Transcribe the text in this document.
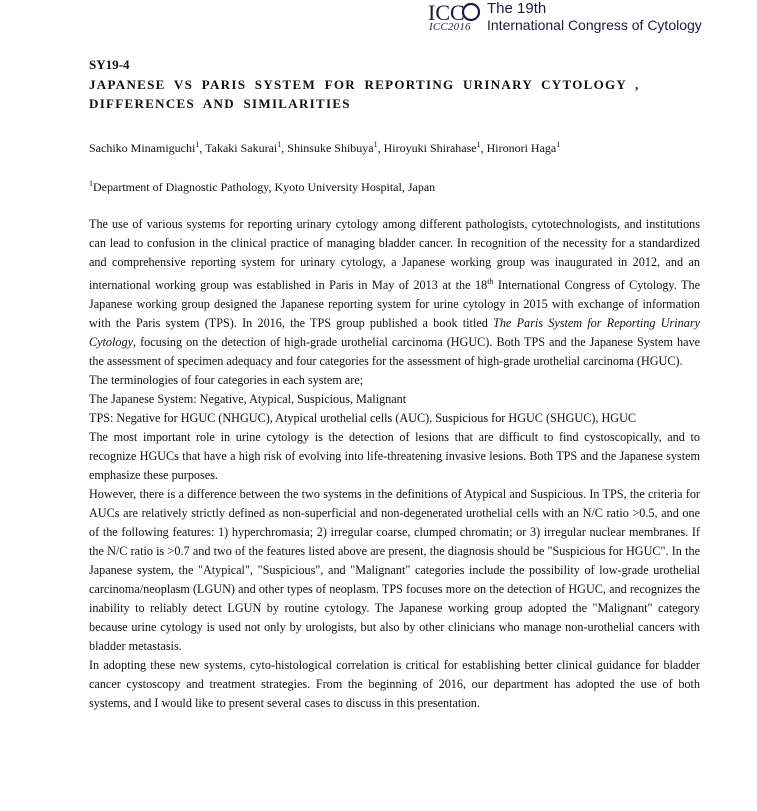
ICC
ICC2016
The 19th
International Congress of Cytology
SY19-4
JAPANESE VS PARIS SYSTEM FOR REPORTING URINARY CYTOLOGY , DIFFERENCES AND SIMILARITIES
Sachiko Minamiguchi$^1$, Takaki Sakurai$^1$, Shinsuke Shibuya$^1$, Hiroyuki Shirahase$^1$, Hironori Haga$^1$
$^1$Department of Diagnostic Pathology, Kyoto University Hospital, Japan

The use of various systems for reporting urinary cytology among different pathologists, cytotechnologists, and institutions can lead to confusion in the clinical practice of managing bladder cancer. In recognition of the necessity for a standardized and comprehensive reporting system for urinary cytology, a Japanese working group was inaugurated in 2012, and an international working group was established in Paris in May of 2013 at the 18th International Congress of Cytology. The Japanese working group designed the Japanese reporting system for urine cytology in 2015 with exchange of information with the Paris system (TPS). In 2016, the TPS group published a book titled The Paris System for Reporting Urinary Cytology, focusing on the detection of high-grade urothelial carcinoma (HGUC). Both TPS and the Japanese System have the assessment of specimen adequacy and four categories for the assessment of high-grade urothelial carcinoma (HGUC).

The terminologies of four categories in each system are;

The Japanese System: Negative, Atypical, Suspicious, Malignant

TPS: Negative for HGUC (NHGUC), Atypical urothelial cells (AUC), Suspicious for HGUC (SHGUC), HGUC

The most important role in urine cytology is the detection of lesions that are difficult to find cystoscopically, and to recognize HGUCs that have a high risk of evolving into life-threatening invasive lesions. Both TPS and the Japanese system emphasize these purposes.

However, there is a difference between the two systems in the definitions of Atypical and Suspicious. In TPS, the criteria for AUCs are relatively strictly defined as non-superficial and non-degenerated urothelial cells with an N/C ratio >0.5, and one of the following features: 1) hyperchromasia; 2) irregular coarse, clumped chromatin; or 3) irregular nuclear membranes. If the N/C ratio is >0.7 and two of the features listed above are present, the diagnosis should be "Suspicious for HGUC". In the Japanese system, the "Atypical", "Suspicious", and "Malignant" categories include the possibility of low-grade urothelial carcinoma/neoplasm (LGUN) and other types of neoplasm. TPS focuses more on the detection of HGUC, and recognizes the inability to reliably detect LGUN by routine cytology. The Japanese working group adopted the "Malignant" category because urine cytology is used not only by urologists, but also by other clinicians who manage non-urothelial cancers with bladder metastasis.

In adopting these new systems, cyto-histological correlation is critical for establishing better clinical guidance for bladder cancer cystoscopy and treatment strategies. From the beginning of 2016, our department has adopted the use of both systems, and I would like to present several cases to discuss in this presentation.
